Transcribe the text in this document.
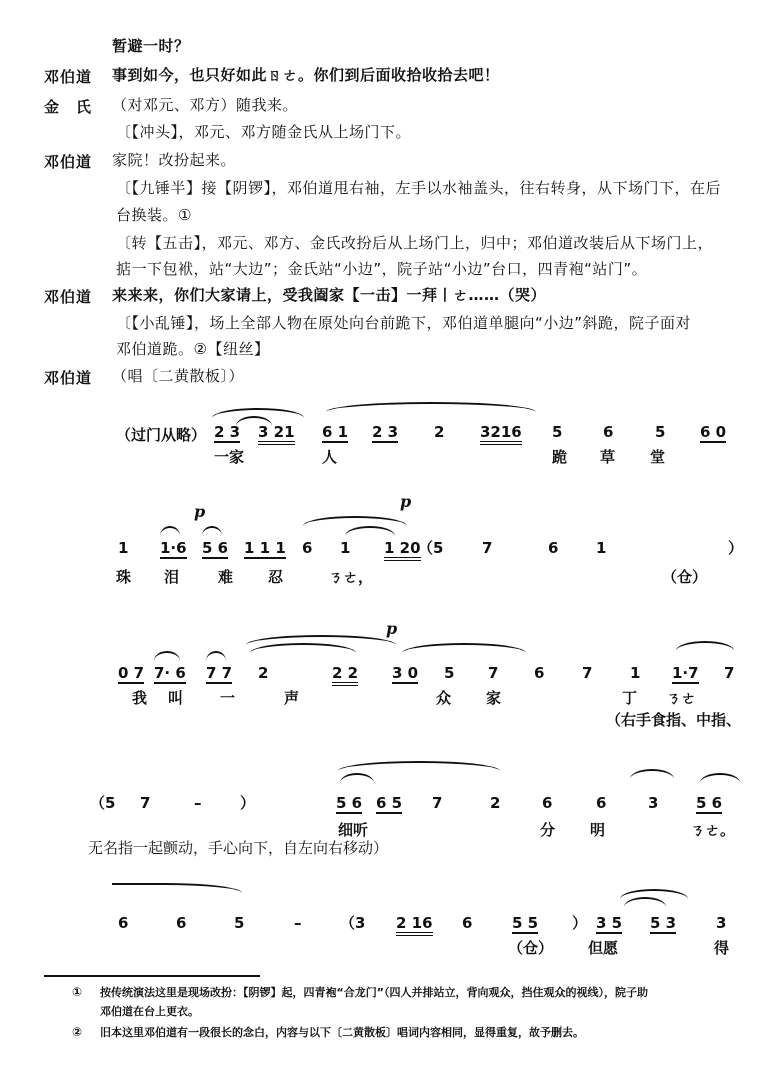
暂避一时？
邓伯道 事到如今，也只好如此ㄖㄜ。你们到后面收拾收拾去吧！
金　氏 （对邓元、邓方）随我来。
〔【冲头】，邓元、邓方随金氏从上场门下。
邓伯道 家院！改扮起来。
〔【九锤半】接【阴锣】，邓伯道甩右袖，左手以水袖盖头，往右转身，从下场门下，在后
台换装。①
〔转【五击】，邓元、邓方、金氏改扮后从上场门上，归中；邓伯道改装后从下场门上，
掂一下包袱，站“大边”；金氏站“小边”，院子站“小边”台口，四青袍“站门”。
邓伯道 来来来，你们大家请上，受我阖家【一击】一拜丨ㄜ……（哭）
〔【小乱锤】，场上全部人物在原处向台前跪下，邓伯道单腿向“小边”斜跪，院子面对
邓伯道跪。②【纽丝】
邓伯道 （唱〔二黄散板〕）
（过门从略） 2 3 3 21 6 1 2 3 2 3216 5	6	5 6 0
一家	人	跪 草 堂
p
p
1 1·6 5 6 1 1 1 6 1 1 20
（5	7	6	1	）
珠 泪	难 忍	ㄋㄜ，	（仓）
p
0 7 7· 6 7 7 2	2 2 3 0 5 7 6	7	1 1·7 7
我 叫 一	声	众 家	丁 ㄋㄜ
（右手食指、中指、
（5 7	–	）	5 6 6 5 7	2	6	6	3	5 6
细听	分 明	ㄋㄜ。
无名指一起颤动，手心向下，自左向右移动）
6	6	5	–	（3 2 16 6	5 5 ） 3 5 5 3	3
（仓） 但愿	得
① 按传统演法这里是现场改扮：【阴锣】起，四青袍“合龙门”（四人并排站立，背向观众，挡住观众的视线），院子助
邓伯道在台上更衣。
② 旧本这里邓伯道有一段很长的念白，内容与以下〔二黄散板〕唱词内容相同，显得重复，故予删去。
